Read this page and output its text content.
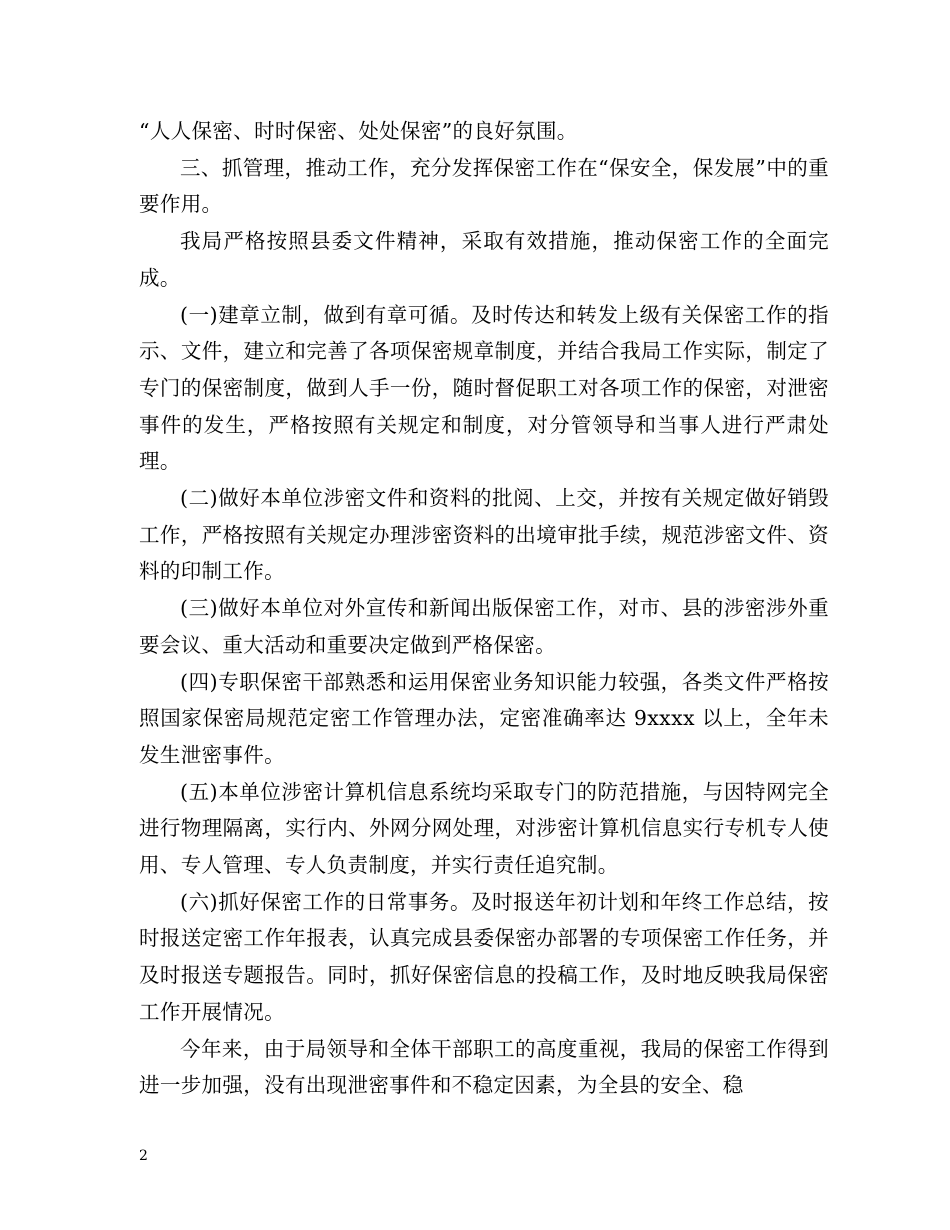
“人人保密、时时保密、处处保密”的良好氛围。

三、抓管理，推动工作，充分发挥保密工作在“保安全，保发展”中的重要作用。

我局严格按照县委文件精神，采取有效措施，推动保密工作的全面完成。

(一)建章立制，做到有章可循。及时传达和转发上级有关保密工作的指示、文件，建立和完善了各项保密规章制度，并结合我局工作实际，制定了专门的保密制度，做到人手一份，随时督促职工对各项工作的保密，对泄密事件的发生，严格按照有关规定和制度，对分管领导和当事人进行严肃处理。

(二)做好本单位涉密文件和资料的批阅、上交，并按有关规定做好销毁工作，严格按照有关规定办理涉密资料的出境审批手续，规范涉密文件、资料的印制工作。

(三)做好本单位对外宣传和新闻出版保密工作，对市、县的涉密涉外重要会议、重大活动和重要决定做到严格保密。

(四)专职保密干部熟悉和运用保密业务知识能力较强，各类文件严格按照国家保密局规范定密工作管理办法，定密准确率达 9xxxx 以上，全年未发生泄密事件。

(五)本单位涉密计算机信息系统均采取专门的防范措施，与因特网完全进行物理隔离，实行内、外网分网处理，对涉密计算机信息实行专机专人使用、专人管理、专人负责制度，并实行责任追究制。

(六)抓好保密工作的日常事务。及时报送年初计划和年终工作总结，按时报送定密工作年报表，认真完成县委保密办部署的专项保密工作任务，并及时报送专题报告。同时，抓好保密信息的投稿工作，及时地反映我局保密工作开展情况。

今年来，由于局领导和全体干部职工的高度重视，我局的保密工作得到进一步加强，没有出现泄密事件和不稳定因素，为全县的安全、稳

2
